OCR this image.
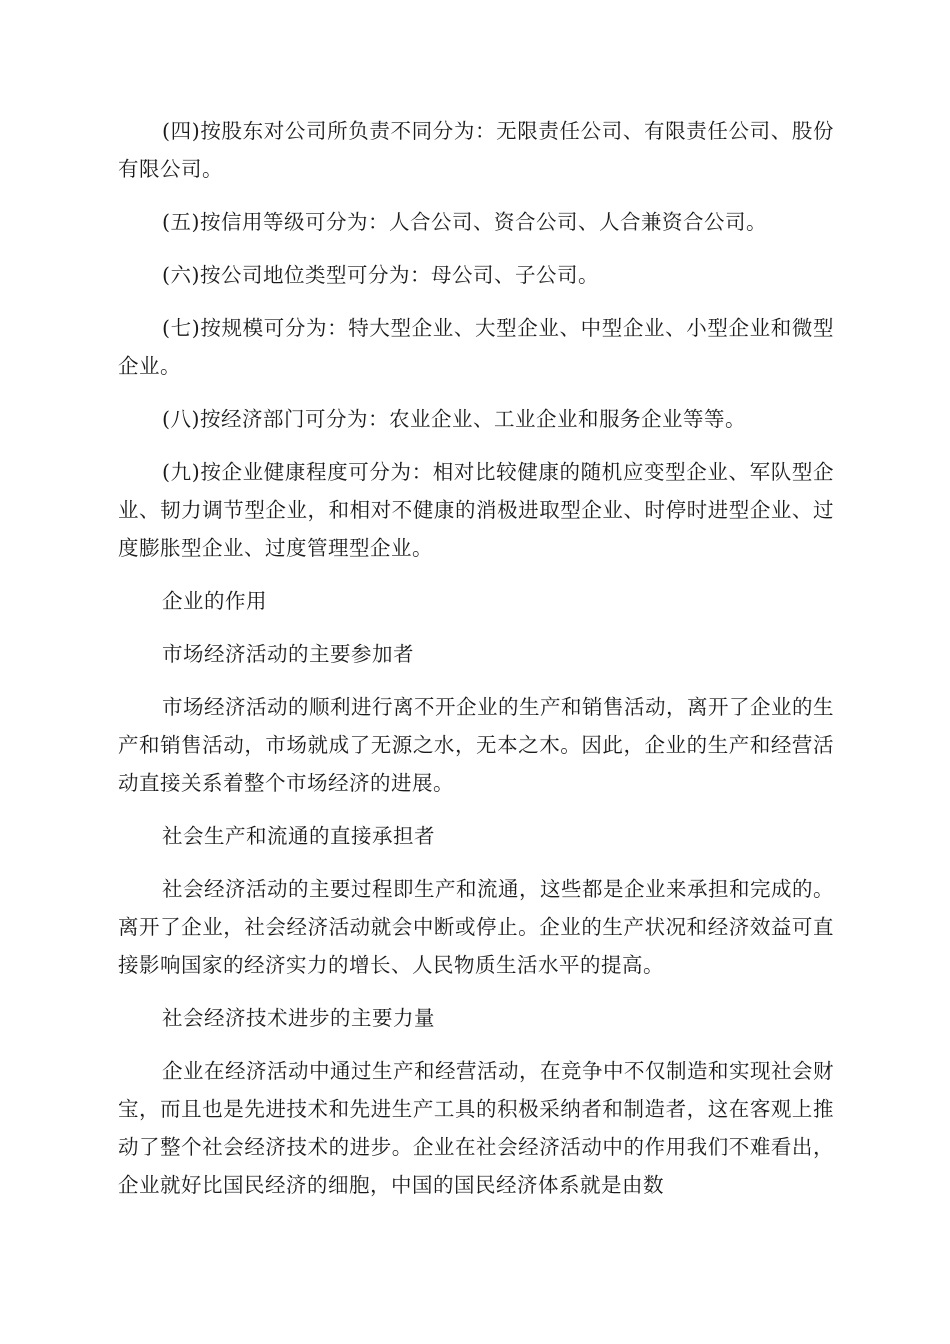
(四)按股东对公司所负责不同分为：无限责任公司、有限责任公司、股份有限公司。

(五)按信用等级可分为：人合公司、资合公司、人合兼资合公司。

(六)按公司地位类型可分为：母公司、子公司。

(七)按规模可分为：特大型企业、大型企业、中型企业、小型企业和微型企业。

(八)按经济部门可分为：农业企业、工业企业和服务企业等等。

(九)按企业健康程度可分为：相对比较健康的随机应变型企业、军队型企业、韧力调节型企业，和相对不健康的消极进取型企业、时停时进型企业、过度膨胀型企业、过度管理型企业。

企业的作用

市场经济活动的主要参加者

市场经济活动的顺利进行离不开企业的生产和销售活动，离开了企业的生产和销售活动，市场就成了无源之水，无本之木。因此，企业的生产和经营活动直接关系着整个市场经济的进展。

社会生产和流通的直接承担者

社会经济活动的主要过程即生产和流通，这些都是企业来承担和完成的。离开了企业，社会经济活动就会中断或停止。企业的生产状况和经济效益可直接影响国家的经济实力的增长、人民物质生活水平的提高。

社会经济技术进步的主要力量

企业在经济活动中通过生产和经营活动，在竞争中不仅制造和实现社会财宝，而且也是先进技术和先进生产工具的积极采纳者和制造者，这在客观上推动了整个社会经济技术的进步。企业在社会经济活动中的作用我们不难看出，企业就好比国民经济的细胞，中国的国民经济体系就是由数
